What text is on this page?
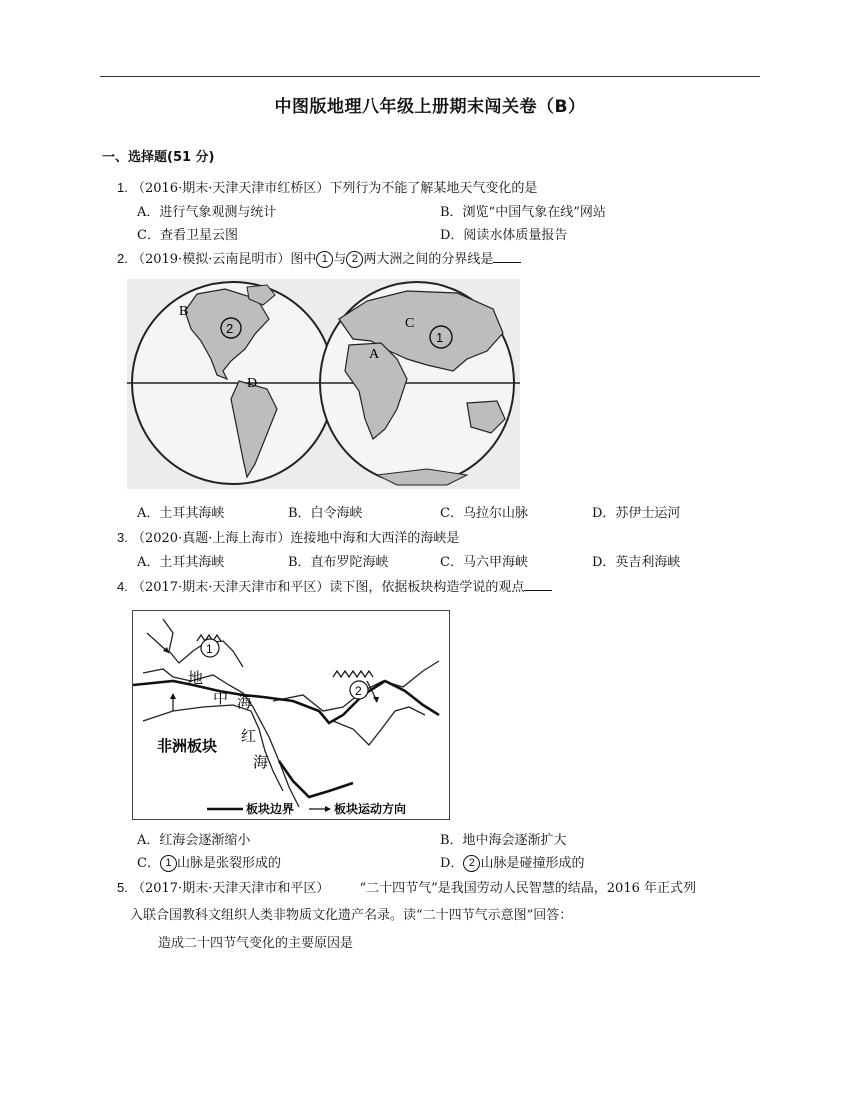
中图版地理八年级上册期末闯关卷（B）
一、选择题(51 分)
1. （2016·期末·天津天津市红桥区）下列行为不能了解某地天气变化的是
A．进行气象观测与统计	B．浏览“中国气象在线”网站
C．查看卫星云图	D．阅读水体质量报告
2. （2019·模拟·云南昆明市）图中 1 与 2 两大洲之间的分界线是
B
2
D
C
1
A
A．土耳其海峡	B．白令海峡	C．乌拉尔山脉	D．苏伊士运河
3. （2020·真题·上海上海市）连接地中海和大西洋的海峡是
A．土耳其海峡	B．直布罗陀海峡	C．马六甲海峡	D．英吉利海峡
4. （2017·期末·天津天津市和平区）读下图，依据板块构造学说的观点
1
2
地
中 海
非洲板块
红
海
板块边界	板块运动方向
A．红海会逐渐缩小	B．地中海会逐渐扩大
C． 1 山脉是张裂形成的	D． 2 山脉是碰撞形成的
5. （2017·期末·天津天津市和平区） “二十四节气”是我国劳动人民智慧的结晶，2016 年正式列
入联合国教科文组织人类非物质文化遗产名录。读“二十四节气示意图”回答：
造成二十四节气变化的主要原因是
